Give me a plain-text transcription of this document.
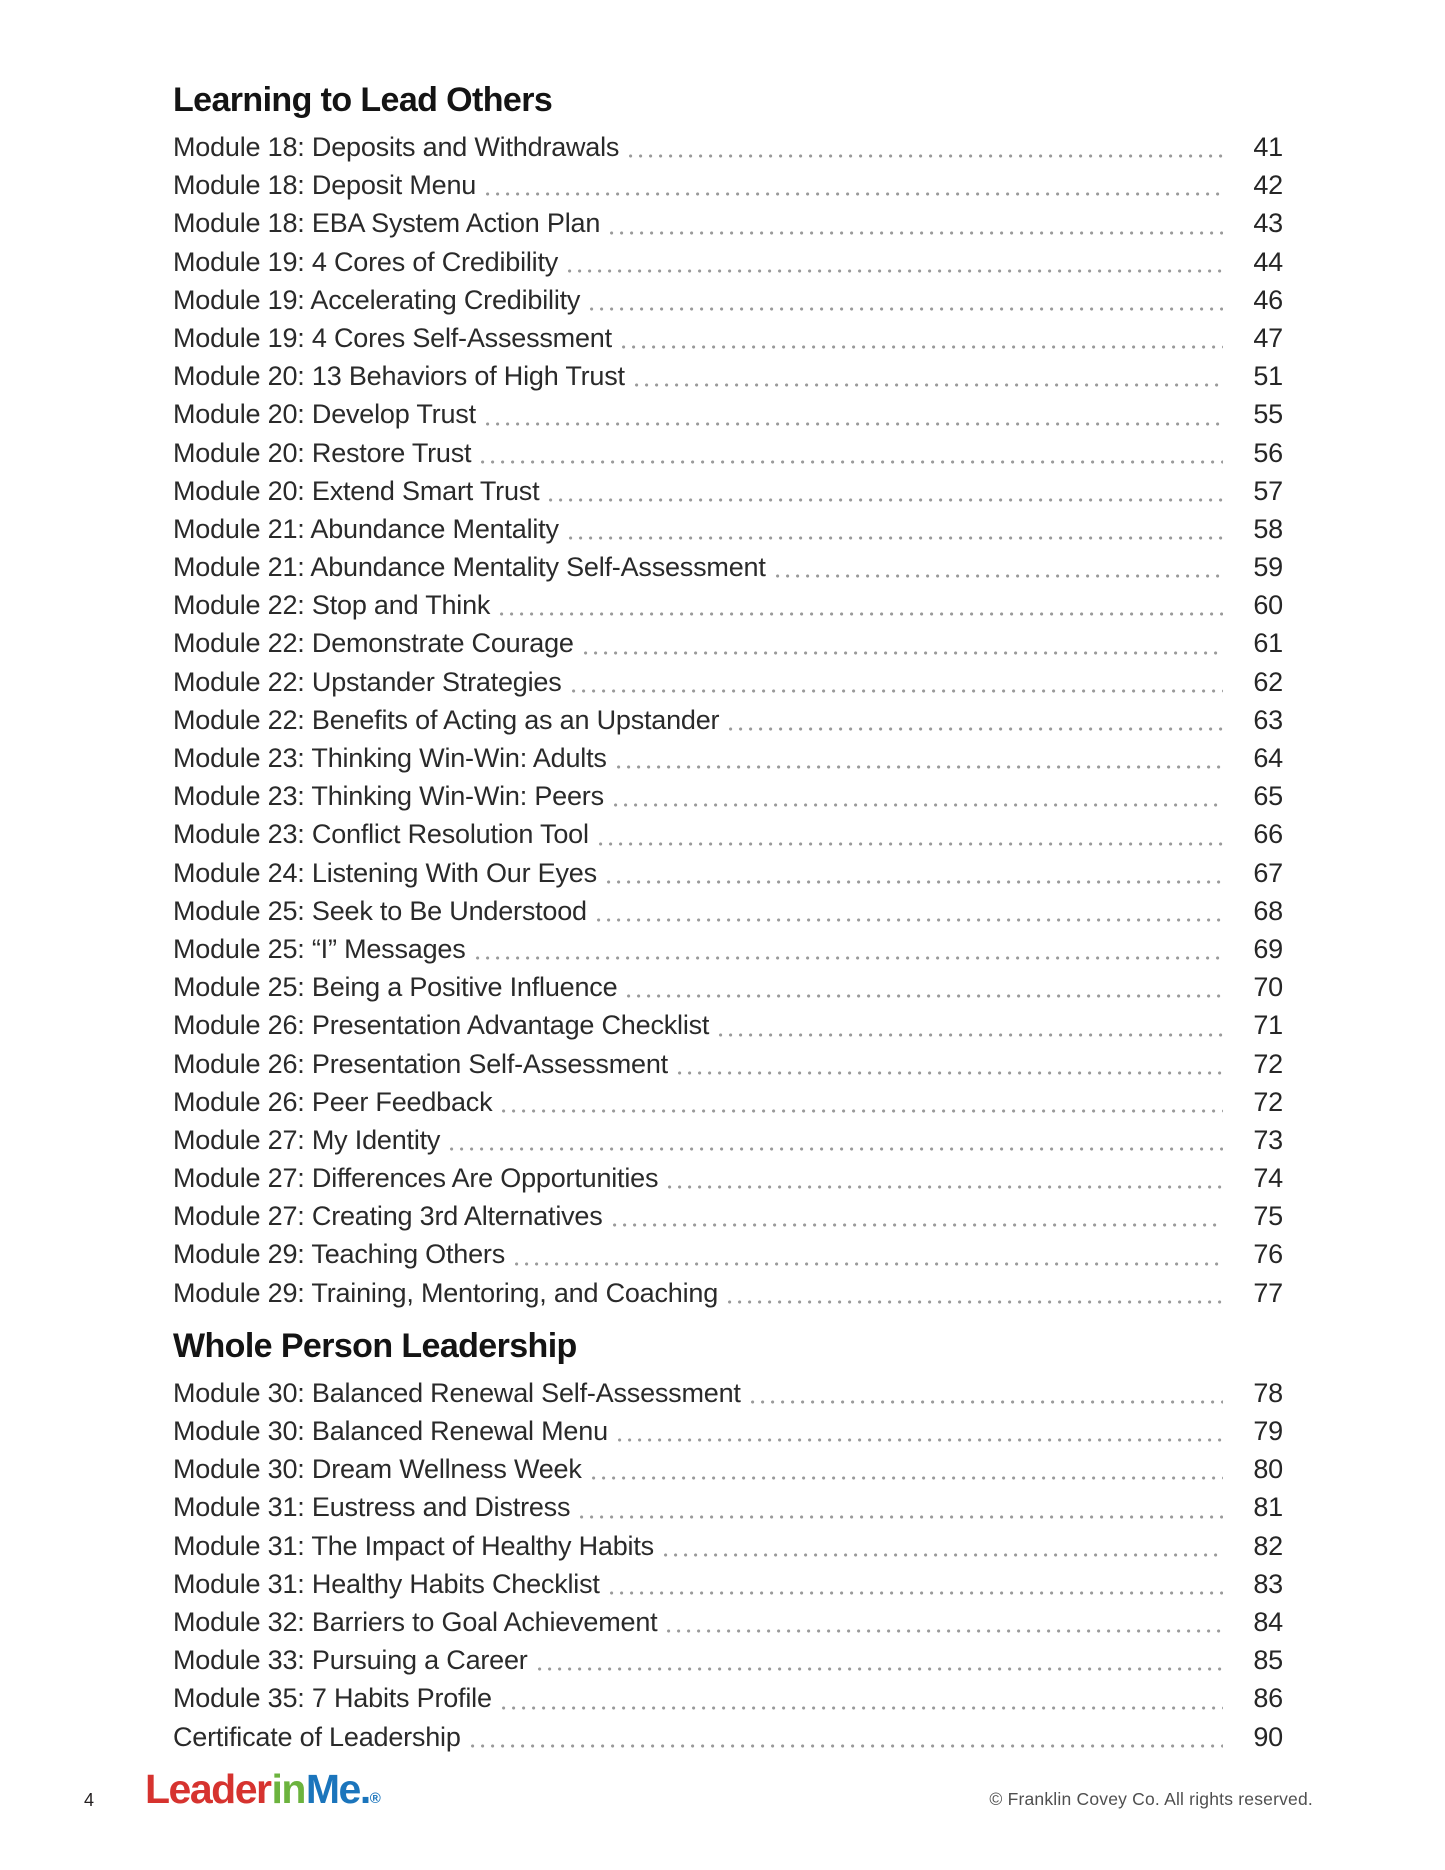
Learning to Lead Others
Module 18: Deposits and Withdrawals	41
Module 18: Deposit Menu	42
Module 18: EBA System Action Plan	43
Module 19: 4 Cores of Credibility	44
Module 19: Accelerating Credibility	46
Module 19: 4 Cores Self-Assessment	47
Module 20: 13 Behaviors of High Trust	51
Module 20: Develop Trust	55
Module 20: Restore Trust	56
Module 20: Extend Smart Trust	57
Module 21: Abundance Mentality	58
Module 21: Abundance Mentality Self-Assessment	59
Module 22: Stop and Think	60
Module 22: Demonstrate Courage	61
Module 22: Upstander Strategies	62
Module 22: Benefits of Acting as an Upstander	63
Module 23: Thinking Win-Win: Adults	64
Module 23: Thinking Win-Win: Peers	65
Module 23: Conflict Resolution Tool	66
Module 24: Listening With Our Eyes	67
Module 25: Seek to Be Understood	68
Module 25: “I” Messages	69
Module 25: Being a Positive Influence	70
Module 26: Presentation Advantage Checklist	71
Module 26: Presentation Self-Assessment	72
Module 26: Peer Feedback	72
Module 27: My Identity	73
Module 27: Differences Are Opportunities	74
Module 27: Creating 3rd Alternatives	75
Module 29: Teaching Others	76
Module 29: Training, Mentoring, and Coaching	77
Whole Person Leadership
Module 30: Balanced Renewal Self-Assessment	78
Module 30: Balanced Renewal Menu	79
Module 30: Dream Wellness Week	80
Module 31: Eustress and Distress	81
Module 31: The Impact of Healthy Habits	82
Module 31: Healthy Habits Checklist	83
Module 32: Barriers to Goal Achievement	84
Module 33: Pursuing a Career	85
Module 35: 7 Habits Profile	86
Certificate of Leadership	90
4 LeaderinMe.®	© Franklin Covey Co. All rights reserved.
